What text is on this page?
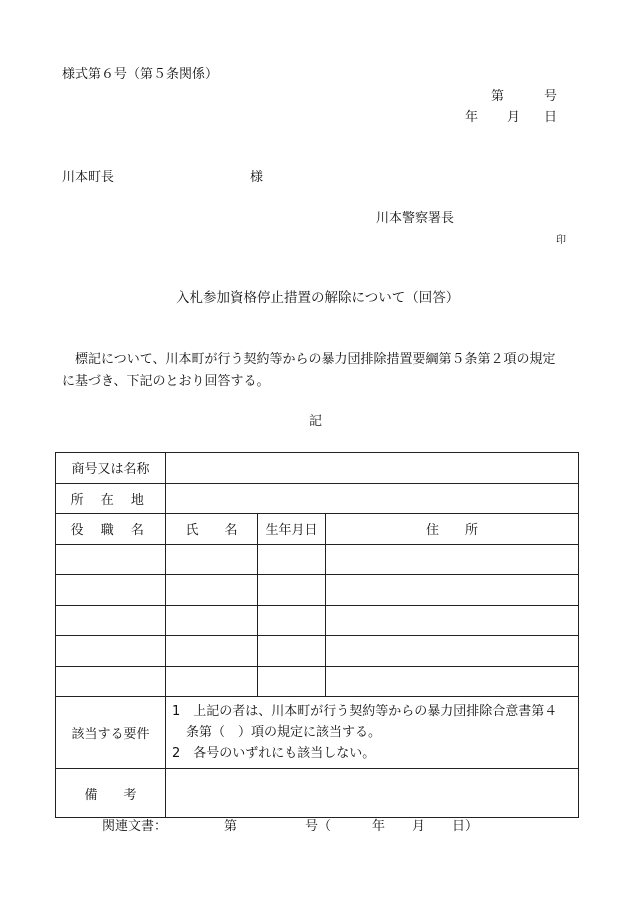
様式第６号（第５条関係）
第	号
年 月 日
川本町長	様
川本警察署長
印
入札参加資格停止措置の解除について（回答）
標記について、川本町が行う契約等からの暴力団排除措置要綱第５条第２項の規定
に基づき、下記のとおり回答する。
記
商号又は名称			
所 在 地			
役 職 名	氏　　名	生年月日	住　　所

該当する要件	1　上記の者は、川本町が行う契約等からの暴力団排除合意書第４
条第（　）項の規定に該当する。
2　各号のいずれにも該当しない。		

備　　考			
関連文書：	第	号（	年 月 日）
